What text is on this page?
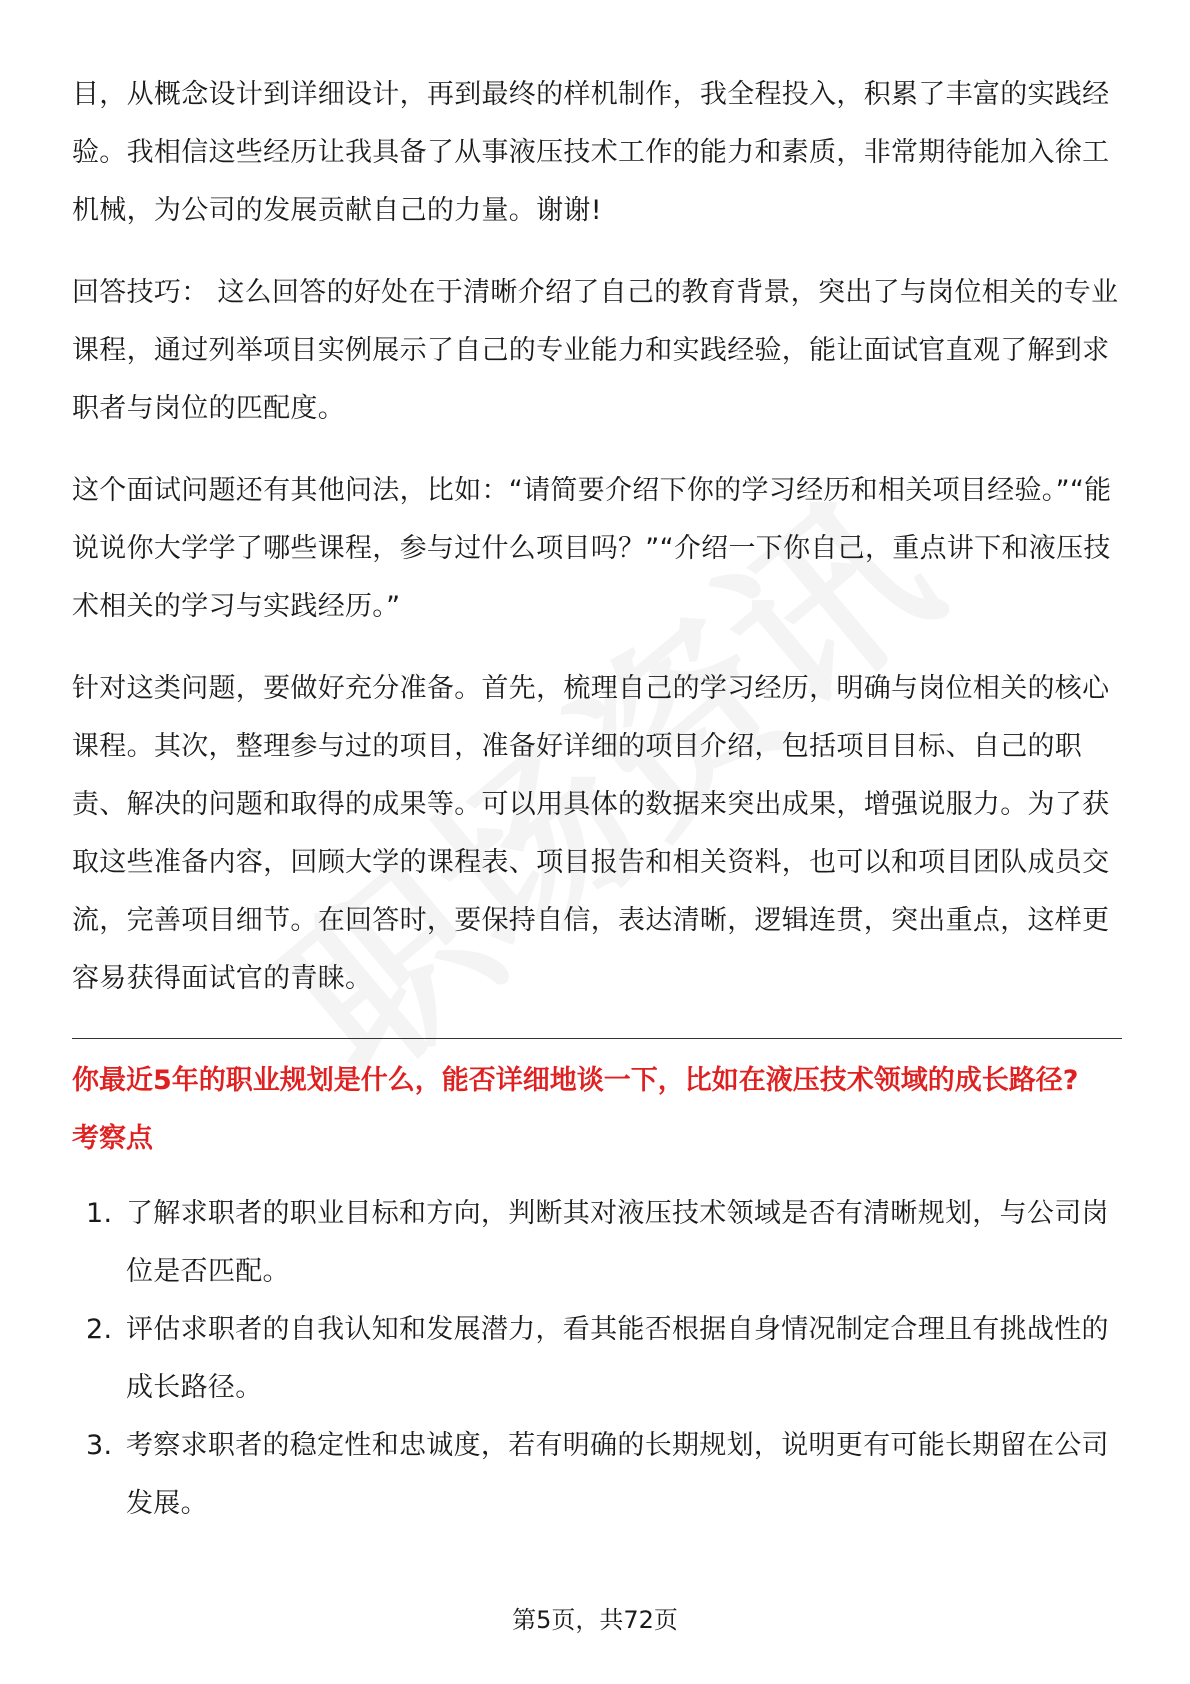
目，从概念设计到详细设计，再到最终的样机制作，我全程投入，积累了丰富的实践经验。我相信这些经历让我具备了从事液压技术工作的能力和素质，非常期待能加入徐工机械，为公司的发展贡献自己的力量。谢谢!

回答技巧： 这么回答的好处在于清晰介绍了自己的教育背景，突出了与岗位相关的专业课程，通过列举项目实例展示了自己的专业能力和实践经验，能让面试官直观了解到求职者与岗位的匹配度。

这个面试问题还有其他问法，比如：“请简要介绍下你的学习经历和相关项目经验。”“能说说你大学学了哪些课程，参与过什么项目吗？”“介绍一下你自己，重点讲下和液压技术相关的学习与实践经历。”

针对这类问题，要做好充分准备。首先，梳理自己的学习经历，明确与岗位相关的核心课程。其次，整理参与过的项目，准备好详细的项目介绍，包括项目目标、自己的职责、解决的问题和取得的成果等。可以用具体的数据来突出成果，增强说服力。为了获取这些准备内容，回顾大学的课程表、项目报告和相关资料，也可以和项目团队成员交流，完善项目细节。在回答时，要保持自信，表达清晰，逻辑连贯，突出重点，这样更容易获得面试官的青睐。

你最近5年的职业规划是什么，能否详细地谈一下，比如在液压技术领域的成长路径?
考察点
1. 了解求职者的职业目标和方向，判断其对液压技术领域是否有清晰规划，与公司岗位是否匹配。
2. 评估求职者的自我认知和发展潜力，看其能否根据自身情况制定合理且有挑战性的成长路径。
3. 考察求职者的稳定性和忠诚度，若有明确的长期规划，说明更有可能长期留在公司发展。
第5页，共72页
